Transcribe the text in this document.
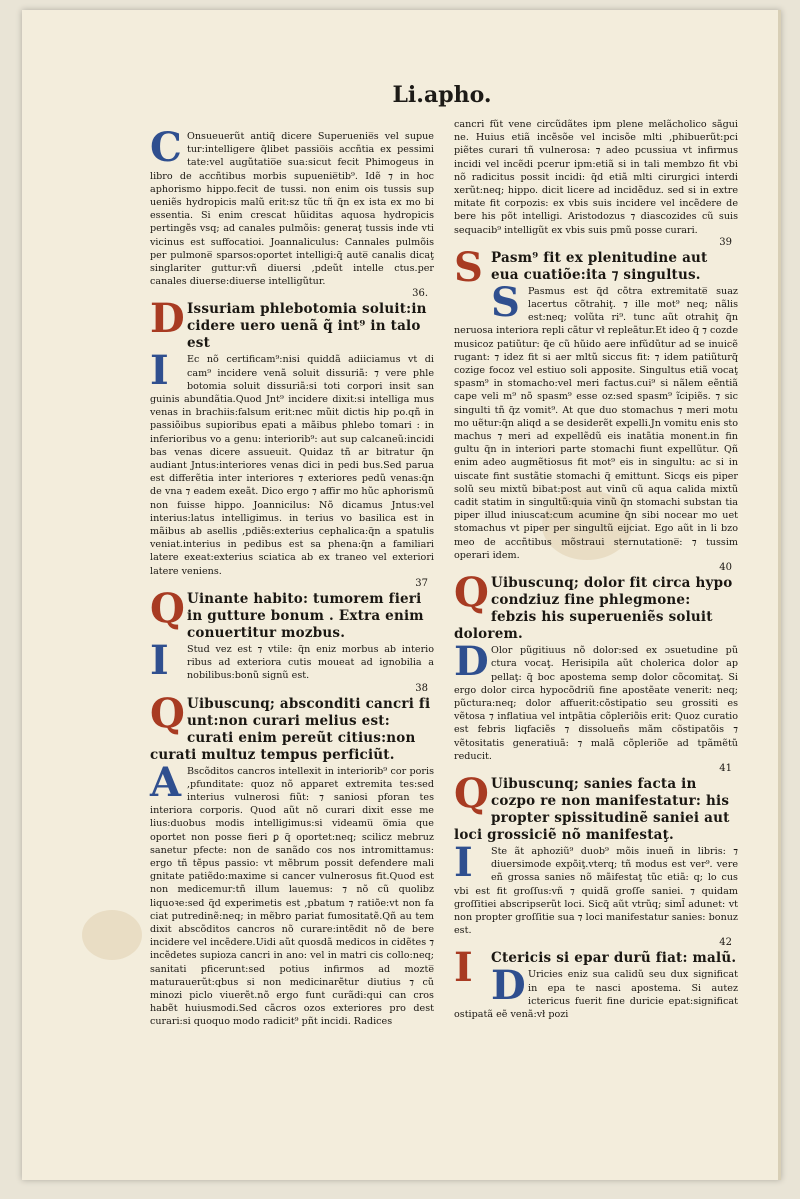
Li.apho.

C Onsueuerũt antiq̃ dicere Superuenie̅s vel supue tur:intelligere q̃libet passio̅is accñtia ex pessimi tate:vel augũtatio̅e sua:sicut fecit Phimogeus in libro de accñtibus morbis supuenie̅tib⁹. Idẽ ⁊ in hoc aphorismo hippo.fecit de tussi. non enim ois tussis sup ueniẽs hydropicis malũ erit:sz tũc tñ q̃n ex ista ex mo bi essentia. Si enim crescat hũiditas aquosa hydropicis pertingẽs vsq; ad canales pulmõis: generaţ tussis inde vti vicinus est suffocatioi. Joannaliculus: Cannales pulmõis per pulmone̅ sparsos:oportet intelligi:q̃ aute̅ canalis dicaţ singlariter guttur:vñ diuersi ,pdeũt intelle ctus.per canales diuerse:diuerse intelligũtur.

36.

D Issuriam phlebotomia soluit:in cidere uero uenã q̃ int⁹ in talo est

I	Ec nõ certificam⁹:nisi quiddã adiiciamus vt di cam⁹ incidere venã soluit dissuriã: ⁊ vere phle botomia soluit dissuriã:si toti corpori insit san guinis abundãtia.Quod Jnt⁹ incidere dixit:si intelliga mus venas in brachiis:falsum erit:nec mũit dictis hip po.qñ in passiõibus supioribus epati a mãibus phlebo tomari : in inferioribus vo a genu: interiorib⁹: aut sup calcaneũ:incidi bas venas dicere assueuit. Quidaz tñ ar bitratur q̃n audiant Jntus:interiores venas dici in pedi bus.Sed parua est differẽtia inter interiores ⁊ exteriores pedũ venas:q̃n de vna ⁊ eadem exeãt. Dico ergo ⁊ affir mo hũc aphorismũ non fuisse hippo. Joannicilus: Nõ dicamus Jntus:vel interius:latus intelligimus. in terius vo basilica est in mãibus ab asellis ,pdiẽs:exterius cephalica:q̃n a spatulis veniat.interius in pedibus est sa phena:q̃n a familiari latere exeat:exterius sciatica ab ex traneo vel exteriori latere veniens.

37

Q Uinante habito: tumorem fieri in gutture bonum . Extra enim conuertitur mozbus.

I	Stud vez est ⁊ vtile: q̃n eniz morbus ab interio ribus ad exteriora cutis moueat ad ignobilia a nobilibus:bonũ signũ est.

38

Q Uibuscunq; absconditi cancri fi unt:non curari melius est: curati enim pereũt citius:non curati multuz tempus perficiũt.

A Bscõditos cancros intellexit in interiorib⁹ cor poris ,pfunditate: quoz nõ apparet extremita tes:sed interius vulnerosi fiũt: ⁊ saniosi pforan tes interiora corporis. Quod aũt nõ curari dixit esse me lius:duobus modis intelligimus:si videamu̅ o̅mia que oportet non posse fieri ꝑ q̃ oportet:neq; scilicz mebruz sanetur pfecte: non de sanãdo cos nos intromittamus: ergo tñ tẽpus passio: vt mẽbrum possit defendere mali gnitate patiẽdo:maxime si cancer vulnerosus fit.Quod est non medicemur:tñ illum lauemus: ⁊ nõ cũ quolibz liquoꝛe:sed q̃d experimetis est ,pbatum ⁊ ratiõe:vt non fa ciat putredinẽ:neq; in mẽbro pariat fumositatẽ.Qñ au tem dixit abscõditos cancros nõ curare:intẽdit nõ de bere incidere vel incẽdere.Uidi aũt quosdã medicos in cidẽtes ⁊ incẽdetes supioza cancri in ano: vel in matri cis collo:neq; sanitati pficerunt:sed potius infirmos ad mozte̅ maturauerũt:qbus si non medicinarẽtur diutius ⁊ cũ minozi piclo viuerẽt.nõ ergo funt curãdi:qui can cros habẽt huiusmodi.Sed cãcros ozos exteriores pro dest curari:si quoquo modo radicit⁹ pñt incidi. Radices

cancri fũt vene circũdãtes ipm plene melãcholico sãgui ne. Huius etiã incẽsõe vel incisõe mlti ,phibuerũt:pci piẽtes curari tñ vulnerosa: ⁊ adeo pcussiua vt infirmus incidi vel incẽdi pcerur ipm:etiã si in tali membzo fit vbi nõ radicitus possit incidi: q̃d etiã mlti cirurgici interdi xerũt:neq; hippo. dicit licere ad incidẽduz. sed si in extre mitate fit corpozis: ex vbis suis incidere vel incẽdere de bere his põt intelligi. Aristodozus ⁊ diascozides cũ suis sequacib⁹ intelligũt ex vbis suis pmũ posse curari.

39

S Pasm⁹ fit ex plenitudine aut eua cuatiõe:ita ⁊ singultus.

S Pasmus est q̃d cõtra extremitate̅ suaz lacertus cõtrahiţ. ⁊ ille mot⁹ neq; nãlis est:neq; volũta ri⁹. tunc aũt otrahiţ q̃n neruosa interiora repli cãtur vł repleãtur.Et ideo q̃ ⁊ cozde musicoz patiũtur: q̃e cũ hũido aere infũdũtur ad se inuicẽ rugant: ⁊ idez fit si aer mltũ siccus fit: ⁊ idem patiũturq̃ cozige focoz vel estiuo soli apposite. Singultus etiã vocaţ spasm⁹ in stomacho:vel meri factus.cui⁹ si nãlem eẽntiã cape veli m⁹ nõ spasm⁹ esse oz:sed spasm⁹ ĩcipiẽs. ⁊ sic singulti tñ q̃z vomit⁹. At que duo stomachus ⁊ meri motu mo uẽtur:q̃n aliqd a se desiderẽt expelli.Jn vomitu enis sto machus ⁊ meri ad expellẽdũ eis inatãtia monent.in fin gultu q̃n in interiori parte stomachi fiunt expellũtur. Qñ enim adeo augmẽtiosus fit mot⁹ eis in singultu: ac si in uiscate fint sustãtie stomachi q̃ emittunt. Sicqs eis piper solũ seu mixtũ bibat:post aut vinũ cũ aqua calida mixtũ cadit statim in singultũ:quia vinũ q̃n stomachi substan tia piper illud iniuscat:cum acumine q̃n sibi nocear mo uet stomachus vt piper per singultũ eijciat. Ego aũt in li bzo meo de accñtibus mõstraui sternutatione̅: ⁊ tussim operari idem.

40

Q Uibuscunq; dolor fit circa hypo condziuz fine phlegmone: febzis his superueniẽs soluit dolorem.

D Olor pũgitiuus nõ dolor:sed ex ɔsuetudine pũ ctura vocaţ. Herisipila aũt cholerica dolor ap pellaţ: q̃ boc apostema semp dolor cõcomitaţ. Si ergo dolor circa hypocõdriũ fine apostẽate venerit: neq; pũctura:neq; dolor affuerit:cõstipatio seu grossiti es vẽtosa ⁊ inflatiua vel intpãtia cõpleriõis erit: Quoz curatio est febris liqfaciẽs ⁊ dissolueñs mãm cõstipatõis ⁊ vẽtositatis generatiuã: ⁊ malã cõpleriõe ad tpãmẽtũ reducit.

41

Q Uibuscunq; sanies facta in cozpo re non manifestatur: his propter spissitudinẽ saniei aut loci grossiciẽ nõ manifestaţ.

I	Ste ãt aphoziũ⁹ duob⁹ mõis inueñ in libris: ⁊ diuersimode expõiţ.vterq; tñ modus est ver⁹. vere eñ grossa sanies nõ mãifestaţ tũc etiã: q; lo cus vbi est fit groſſus:vñ ⁊ quidã groſſe saniei. ⁊ quidam groſſitiei abscripserũt loci. Sicq̃ aũt vtrũq; siml̃ adunet: vt non propter groſſitie sua ⁊ loci manifestatur sanies: bonuz est.

42

I	Ctericis si epar durũ fiat: malũ.

D Uricies eniz sua calidũ seu dux significat in epa te nasci apostema. Si autez ictericus fuerit fine duricie epat:significat ostipatã eẽ venã:vł pozi
